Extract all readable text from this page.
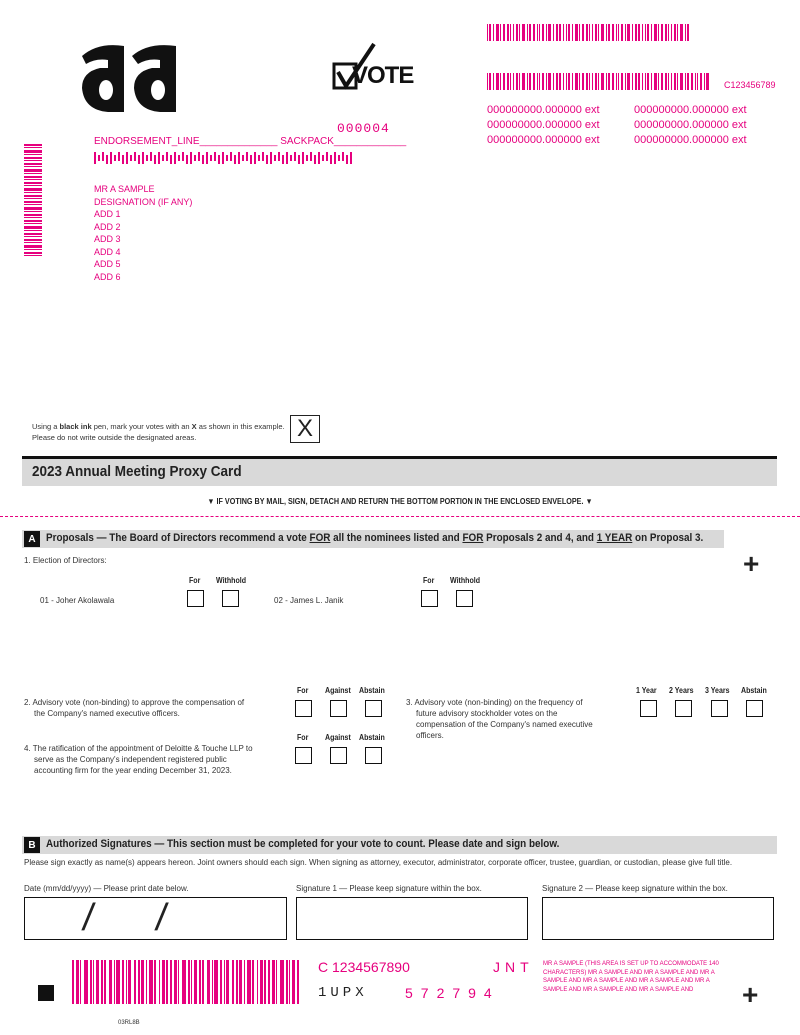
VOTE	C123456789
000000000.000000 ext	000000000.000000 ext
000000000.000000 ext	000000000.000000 ext
000000000.000000 ext	000000000.000000 ext
000004
ENDORSEMENT_LINE______________ SACKPACK_____________
MR A SAMPLE
DESIGNATION (IF ANY)
ADD 1
ADD 2
ADD 3
ADD 4
ADD 5
ADD 6
Using a black ink pen, mark your votes with an X as shown in this example.
Please do not write outside the designated areas.	X
2023 Annual Meeting Proxy Card
▼ IF VOTING BY MAIL, SIGN, DETACH AND RETURN THE BOTTOM PORTION IN THE ENCLOSED ENVELOPE. ▼
A Proposals — The Board of Directors recommend a vote FOR all the nominees listed and FOR Proposals 2 and 4, and 1 YEAR on Proposal 3.
+
1. Election of Directors:
For Withhold	For Withhold
01 - Joher Akolawala	02 - James L. Janik
2. Advisory vote (non-binding) to approve the compensation of
the Company's named executive officers.
For Against Abstain
3. Advisory vote (non-binding) on the frequency of
future advisory stockholder votes on the
compensation of the Company's named executive
officers.
1 Year 2 Years 3 Years Abstain
4. The ratification of the appointment of Deloitte & Touche LLP to
serve as the Company's independent registered public
accounting firm for the year ending December 31, 2023.
For Against Abstain
B Authorized Signatures — This section must be completed for your vote to count. Please date and sign below.
Please sign exactly as name(s) appears hereon. Joint owners should each sign. When signing as attorney, executor, administrator, corporate officer, trustee, guardian, or custodian, please give full title.
Date (mm/dd/yyyy) — Please print date below.	Signature 1 — Please keep signature within the box.	Signature 2 — Please keep signature within the box.
/ /
C 1234567890	JNT
1UPX	572794
MR A SAMPLE (THIS AREA IS SET UP TO ACCOMMODATE 140 CHARACTERS) MR A SAMPLE AND MR A SAMPLE AND MR A SAMPLE AND MR A SAMPLE AND MR A SAMPLE AND MR A SAMPLE AND MR A SAMPLE AND MR A SAMPLE AND	+
03RL8B
